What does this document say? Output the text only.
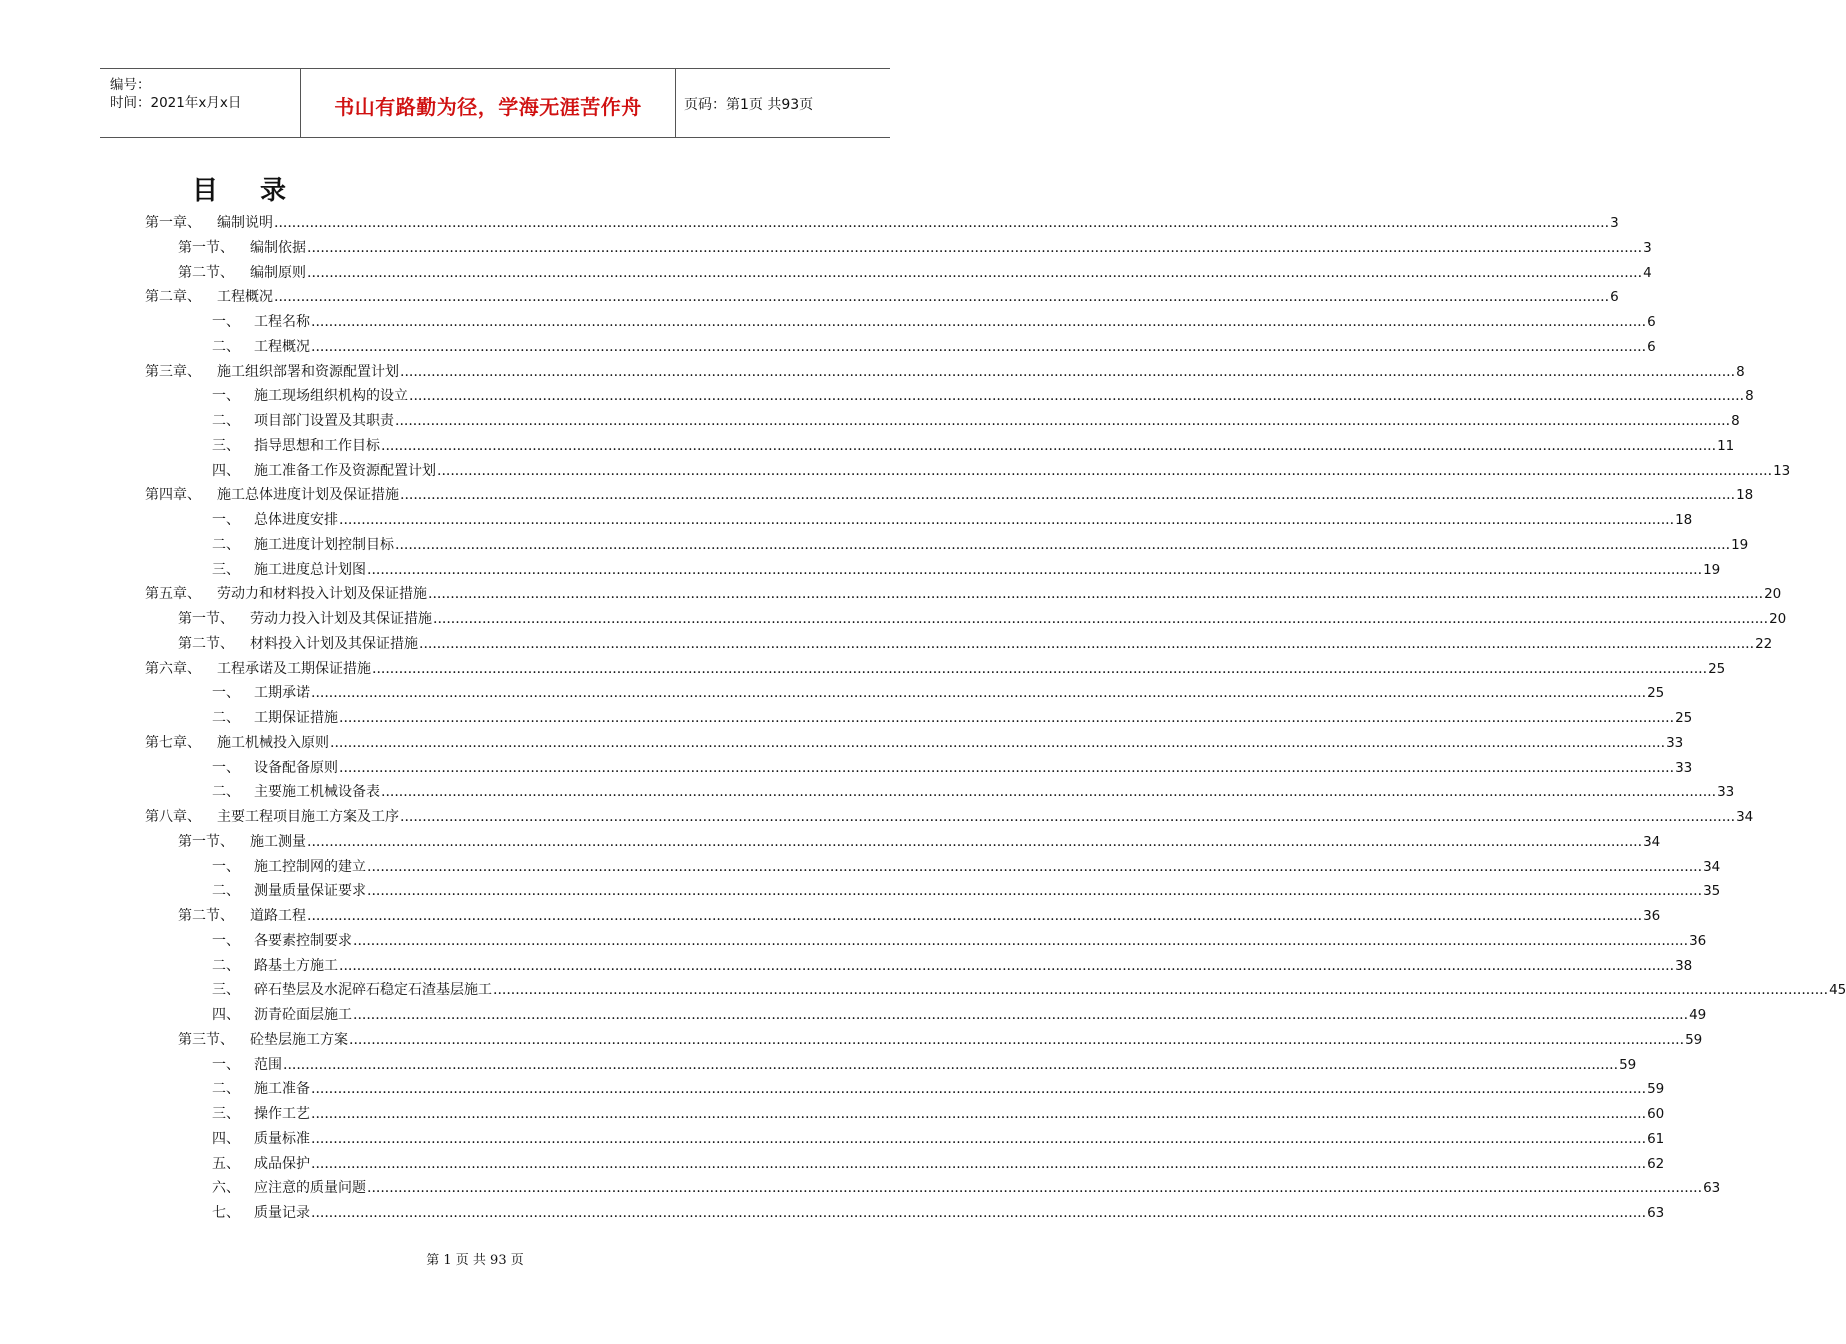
编号：
时间：2021年x月x日	书山有路勤为径，学海无涯苦作舟	页码：第1页 共93页
目录
第一章、 编制说明 ............................................................................................................................................................................................................................................................................................................ 3
第一节、 编制依据 ............................................................................................................................................................................................................................................................................................................ 3
第二节、 编制原则 ............................................................................................................................................................................................................................................................................................................ 4
第二章、 工程概况 ............................................................................................................................................................................................................................................................................................................ 6
一、 工程名称 ............................................................................................................................................................................................................................................................................................................ 6
二、 工程概况 ............................................................................................................................................................................................................................................................................................................ 6
第三章、 施工组织部署和资源配置计划 ............................................................................................................................................................................................................................................................................................................ 8
一、 施工现场组织机构的设立 ............................................................................................................................................................................................................................................................................................................ 8
二、 项目部门设置及其职责 ............................................................................................................................................................................................................................................................................................................ 8
三、 指导思想和工作目标 ............................................................................................................................................................................................................................................................................................................ 11
四、 施工准备工作及资源配置计划 ............................................................................................................................................................................................................................................................................................................ 13
第四章、 施工总体进度计划及保证措施 ............................................................................................................................................................................................................................................................................................................ 18
一、 总体进度安排 ............................................................................................................................................................................................................................................................................................................ 18
二、 施工进度计划控制目标 ............................................................................................................................................................................................................................................................................................................ 19
三、 施工进度总计划图 ............................................................................................................................................................................................................................................................................................................ 19
第五章、 劳动力和材料投入计划及保证措施 ............................................................................................................................................................................................................................................................................................................ 20
第一节、 劳动力投入计划及其保证措施 ............................................................................................................................................................................................................................................................................................................ 20
第二节、 材料投入计划及其保证措施 ............................................................................................................................................................................................................................................................................................................ 22
第六章、 工程承诺及工期保证措施 ............................................................................................................................................................................................................................................................................................................ 25
一、 工期承诺 ............................................................................................................................................................................................................................................................................................................ 25
二、 工期保证措施 ............................................................................................................................................................................................................................................................................................................ 25
第七章、 施工机械投入原则 ............................................................................................................................................................................................................................................................................................................ 33
一、 设备配备原则 ............................................................................................................................................................................................................................................................................................................ 33
二、 主要施工机械设备表 ............................................................................................................................................................................................................................................................................................................ 33
第八章、 主要工程项目施工方案及工序 ............................................................................................................................................................................................................................................................................................................ 34
第一节、 施工测量 ............................................................................................................................................................................................................................................................................................................ 34
一、 施工控制网的建立 ............................................................................................................................................................................................................................................................................................................ 34
二、 测量质量保证要求 ............................................................................................................................................................................................................................................................................................................ 35
第二节、 道路工程 ............................................................................................................................................................................................................................................................................................................ 36
一、 各要素控制要求 ............................................................................................................................................................................................................................................................................................................ 36
二、 路基土方施工 ............................................................................................................................................................................................................................................................................................................ 38
三、 碎石垫层及水泥碎石稳定石渣基层施工 ............................................................................................................................................................................................................................................................................................................ 45
四、 沥青砼面层施工 ............................................................................................................................................................................................................................................................................................................ 49
第三节、 砼垫层施工方案 ............................................................................................................................................................................................................................................................................................................ 59
一、 范围 ............................................................................................................................................................................................................................................................................................................ 59
二、 施工准备 ............................................................................................................................................................................................................................................................................................................ 59
三、 操作工艺 ............................................................................................................................................................................................................................................................................................................ 60
四、 质量标准 ............................................................................................................................................................................................................................................................................................................ 61
五、 成品保护 ............................................................................................................................................................................................................................................................................................................ 62
六、 应注意的质量问题 ............................................................................................................................................................................................................................................................................................................ 63
七、 质量记录 ............................................................................................................................................................................................................................................................................................................ 63
第 1 页 共 93 页
